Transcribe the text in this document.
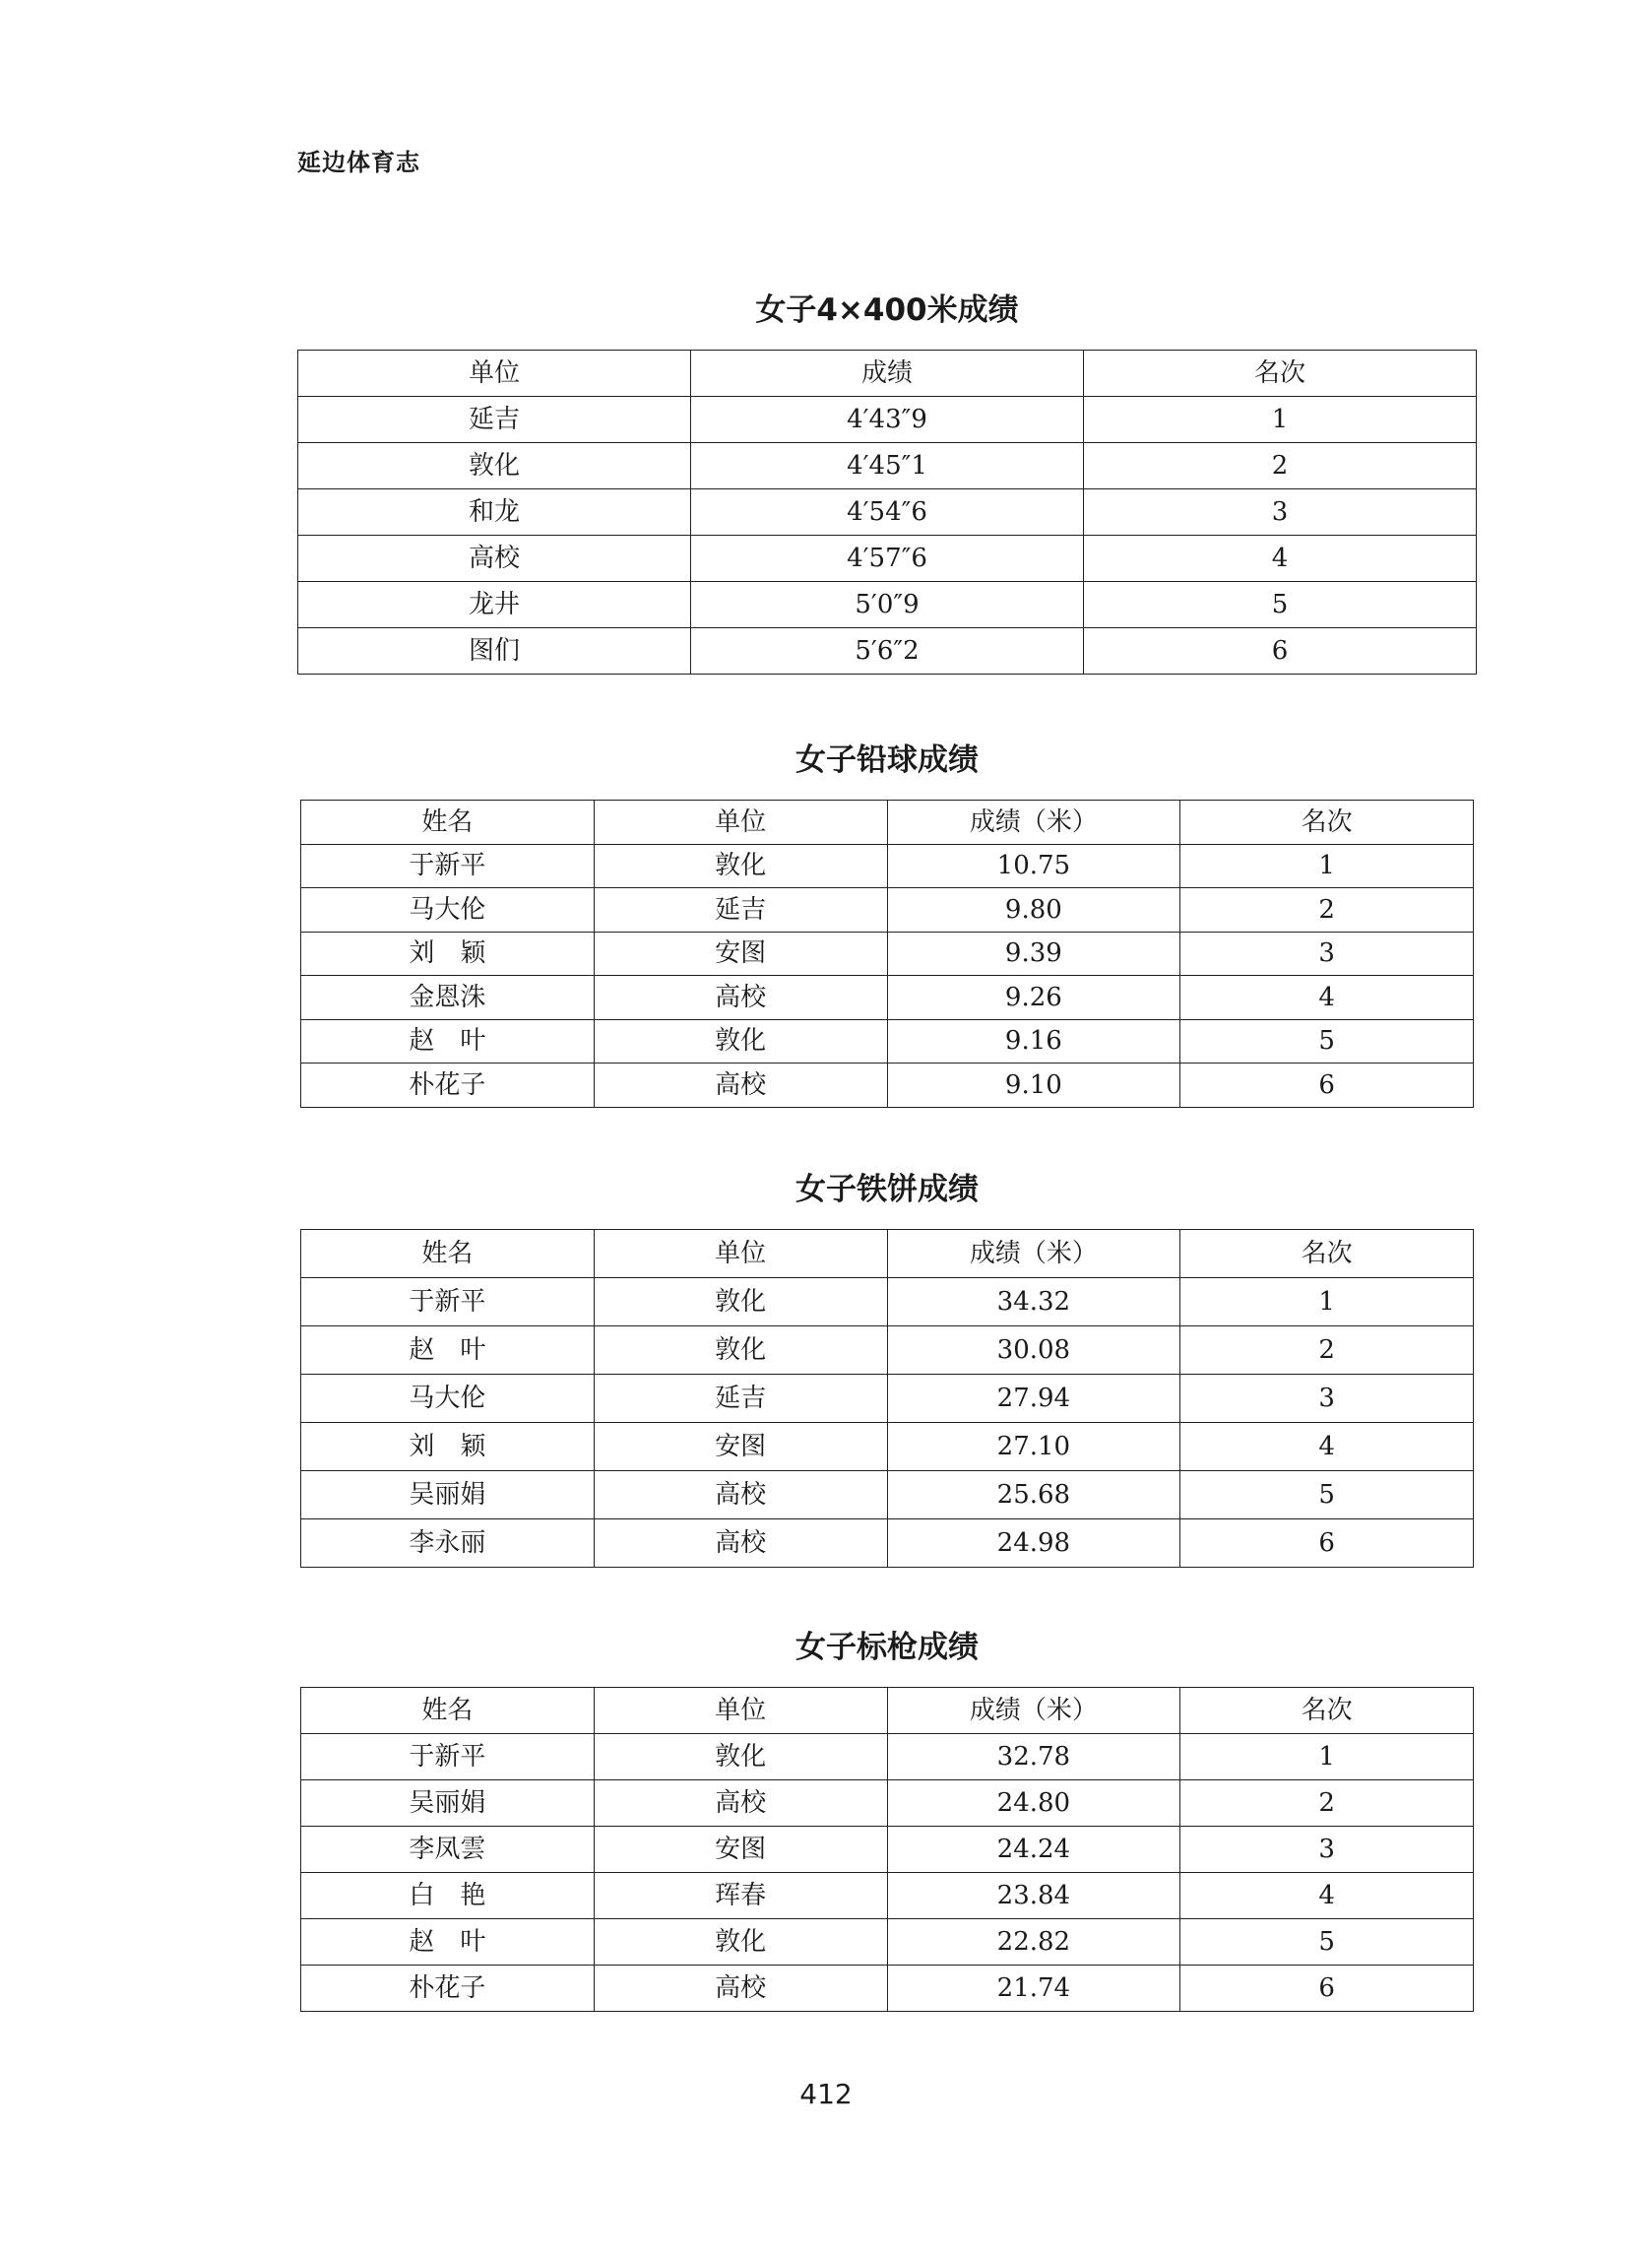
延边体育志
女子4×400米成绩
单位	成绩	名次
延吉	4′43″9	1
敦化	4′45″1	2
和龙	4′54″6	3
高校	4′57″6	4
龙井	5′0″9	5
图们	5′6″2	6
女子铅球成绩
姓名	单位	成绩（米）	名次
于新平	敦化	10.75	1
马大伦	延吉	9.80	2
刘　颖	安图	9.39	3
金恩洙	高校	9.26	4
赵　叶	敦化	9.16	5
朴花子	高校	9.10	6
女子铁饼成绩
姓名	单位	成绩（米）	名次
于新平	敦化	34.32	1
赵　叶	敦化	30.08	2
马大伦	延吉	27.94	3
刘　颖	安图	27.10	4
吴丽娟	高校	25.68	5
李永丽	高校	24.98	6
女子标枪成绩
姓名	单位	成绩（米）	名次
于新平	敦化	32.78	1
吴丽娟	高校	24.80	2
李凤雲	安图	24.24	3
白　艳	珲春	23.84	4
赵　叶	敦化	22.82	5
朴花子	高校	21.74	6
412
